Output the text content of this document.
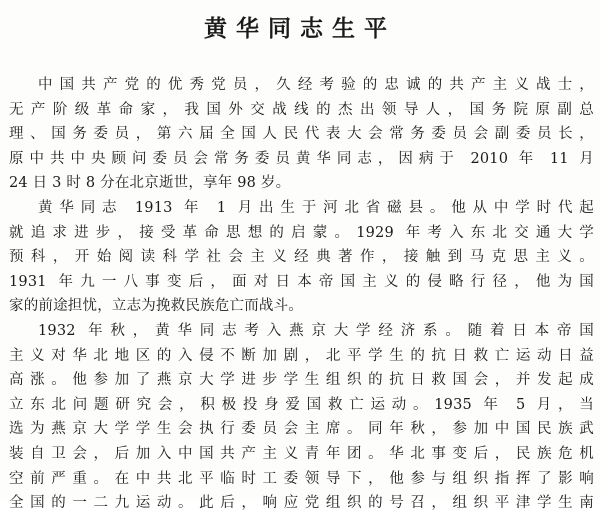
黄华同志生平
中国共产党的优秀党员，久经考验的忠诚的共产主义战士，
无产阶级革命家，我国外交战线的杰出领导人，国务院原副总
理、国务委员，第六届全国人民代表大会常务委员会副委员长，
原中共中央顾问委员会常务委员黄华同志，因病于 2010 年 11 月
24 日 3 时 8 分在北京逝世，享年 98 岁。
黄华同志 1913 年 1 月出生于河北省磁县。他从中学时代起
就追求进步，接受革命思想的启蒙。1929 年考入东北交通大学
预科，开始阅读科学社会主义经典著作，接触到马克思主义。
1931 年九一八事变后，面对日本帝国主义的侵略行径，他为国
家的前途担忧，立志为挽救民族危亡而战斗。
1932 年秋，黄华同志考入燕京大学经济系。随着日本帝国
主义对华北地区的入侵不断加剧，北平学生的抗日救亡运动日益
高涨。他参加了燕京大学进步学生组织的抗日救国会，并发起成
立东北问题研究会，积极投身爱国救亡运动。1935 年 5 月，当
选为燕京大学学生会执行委员会主席。同年秋，参加中国民族武
装自卫会，后加入中国共产主义青年团。华北事变后，民族危机
空前严重。在中共北平临时工委领导下，他参与组织指挥了影响
全国的一二九运动。此后，响应党组织的号召，组织平津学生南
